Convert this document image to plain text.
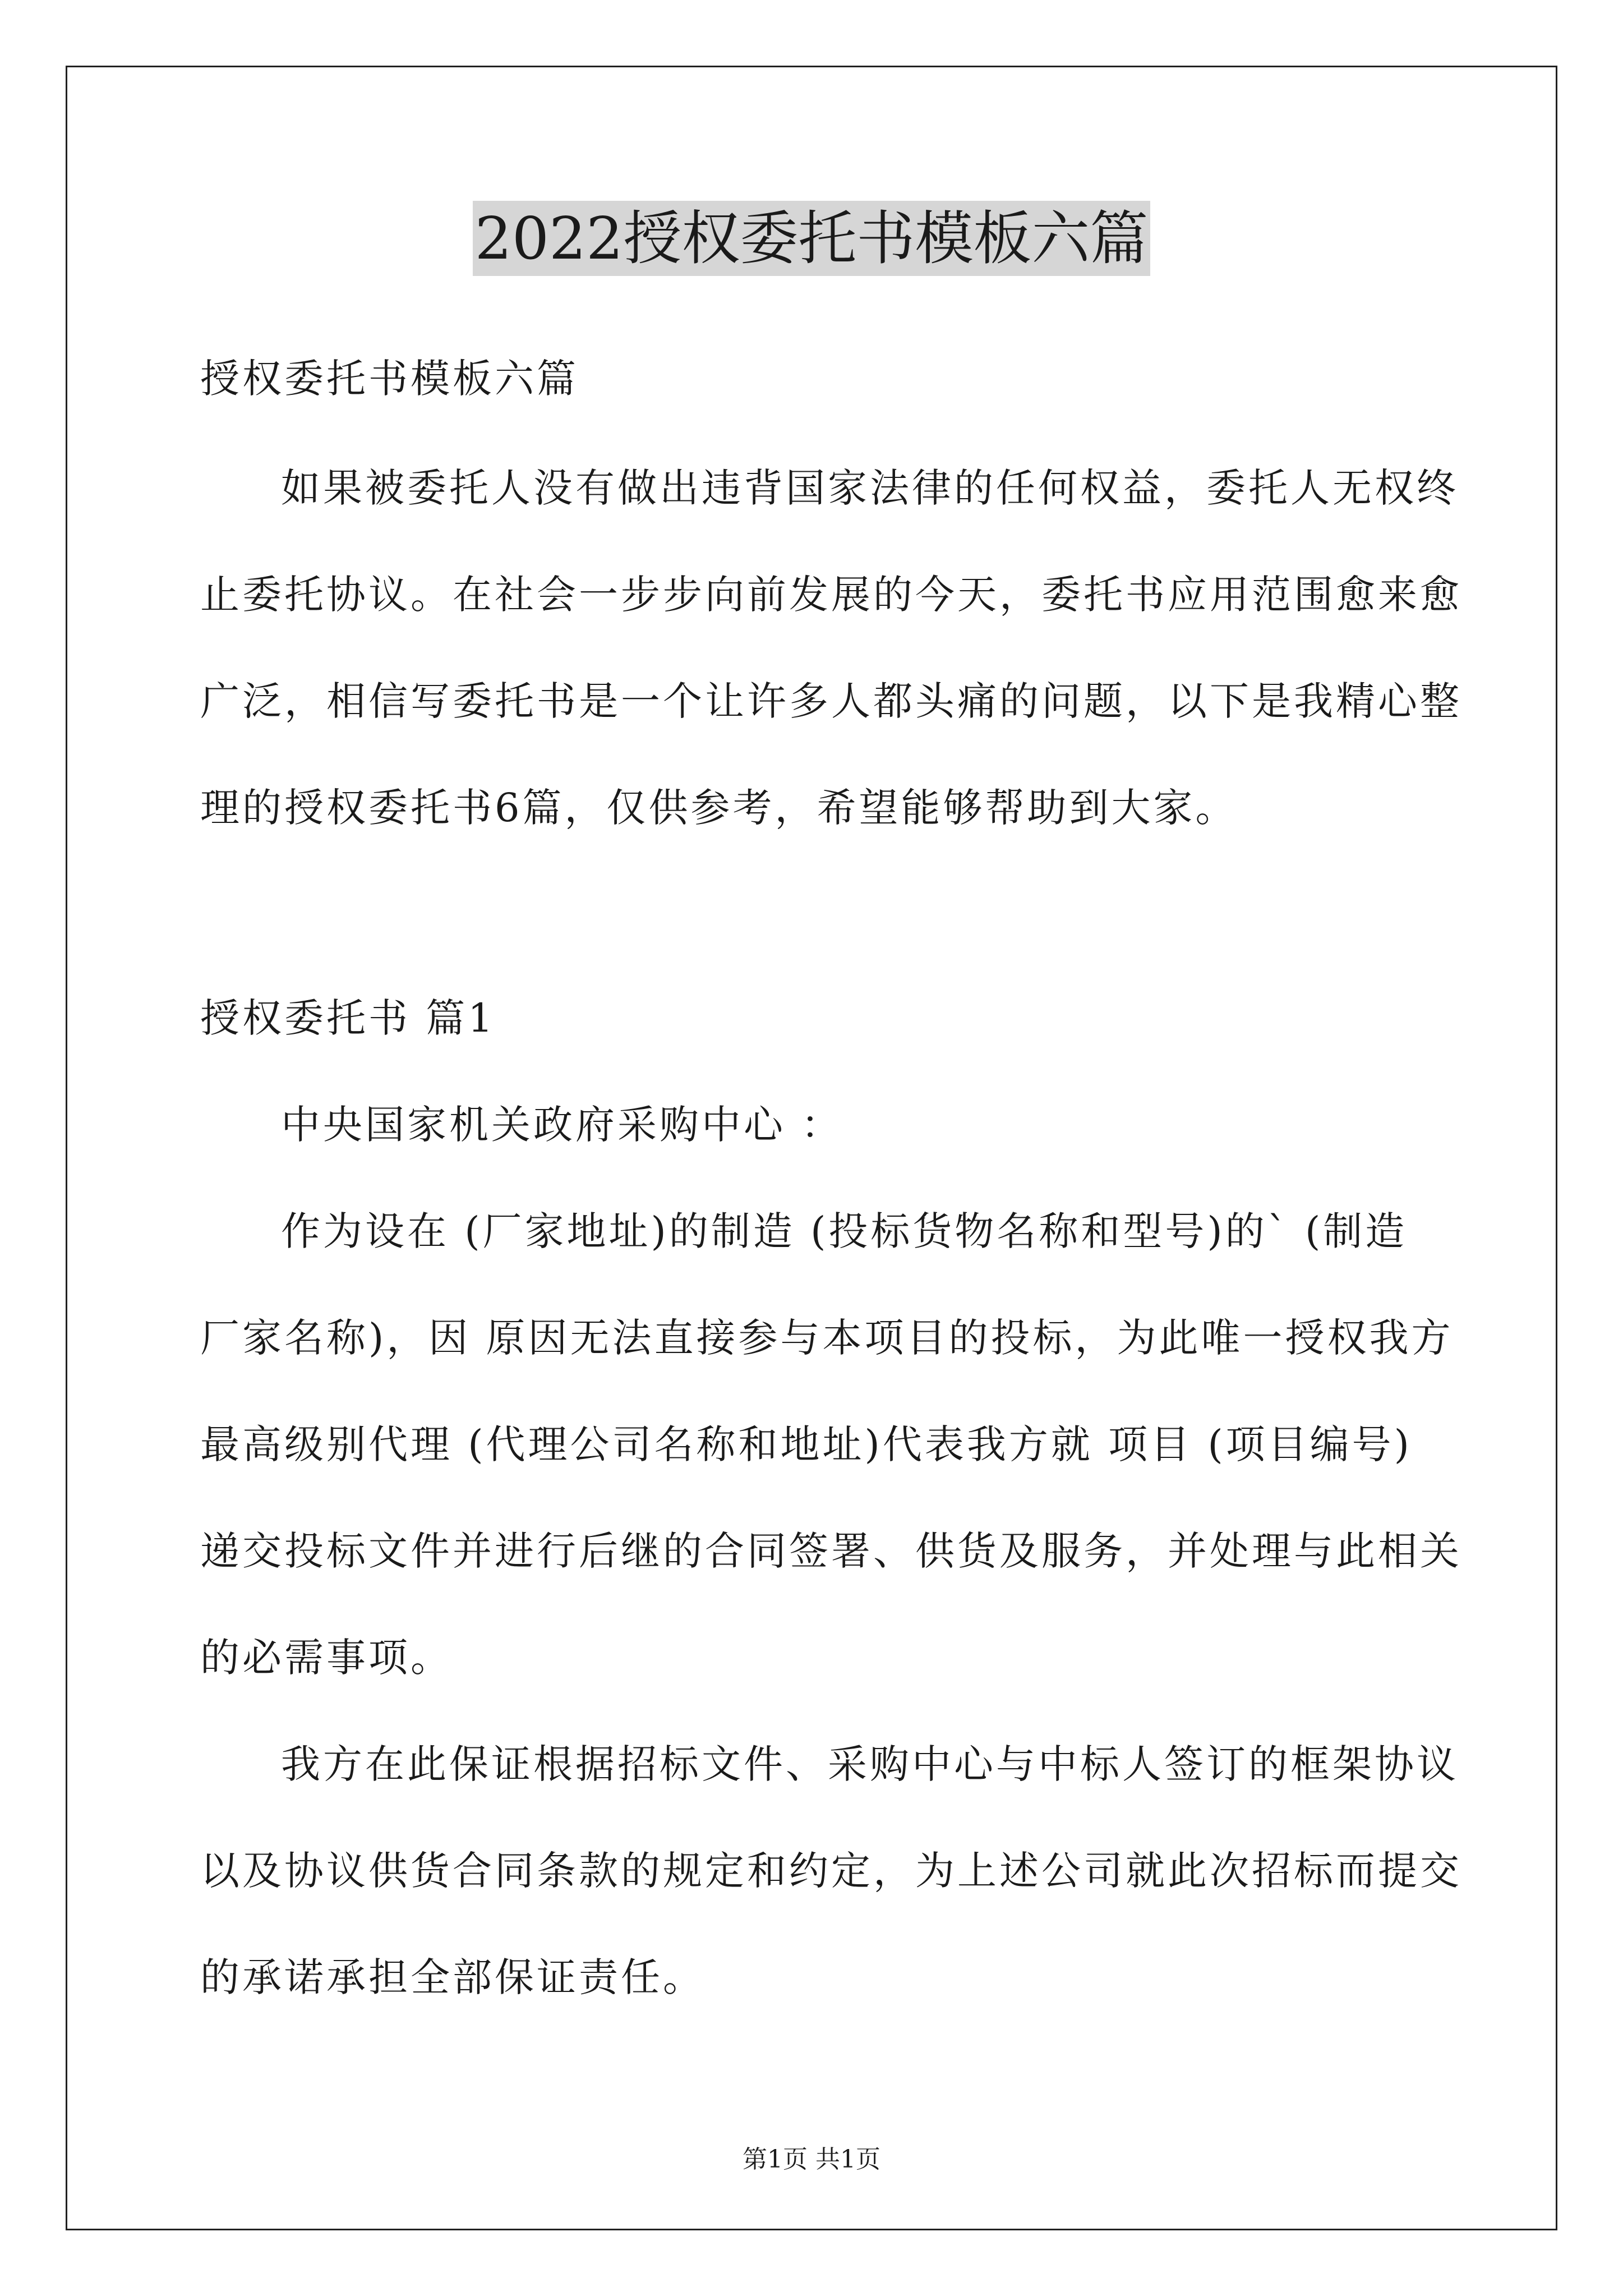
2022授权委托书模板六篇
授权委托书模板六篇
如果被委托人没有做出违背国家法律的任何权益，委托人无权终
止委托协议。在社会一步步向前发展的今天，委托书应用范围愈来愈
广泛，相信写委托书是一个让许多人都头痛的问题，以下是我精心整
理的授权委托书6篇，仅供参考，希望能够帮助到大家。
授权委托书 篇1
中央国家机关政府采购中心 ：
作为设在 (厂家地址)的制造 (投标货物名称和型号)的` (制造
厂家名称)，因 原因无法直接参与本项目的投标，为此唯一授权我方
最高级别代理 (代理公司名称和地址)代表我方就 项目 (项目编号)
递交投标文件并进行后继的合同签署、供货及服务，并处理与此相关
的必需事项。
我方在此保证根据招标文件、采购中心与中标人签订的框架协议
以及协议供货合同条款的规定和约定，为上述公司就此次招标而提交
的承诺承担全部保证责任。
第1页 共1页
